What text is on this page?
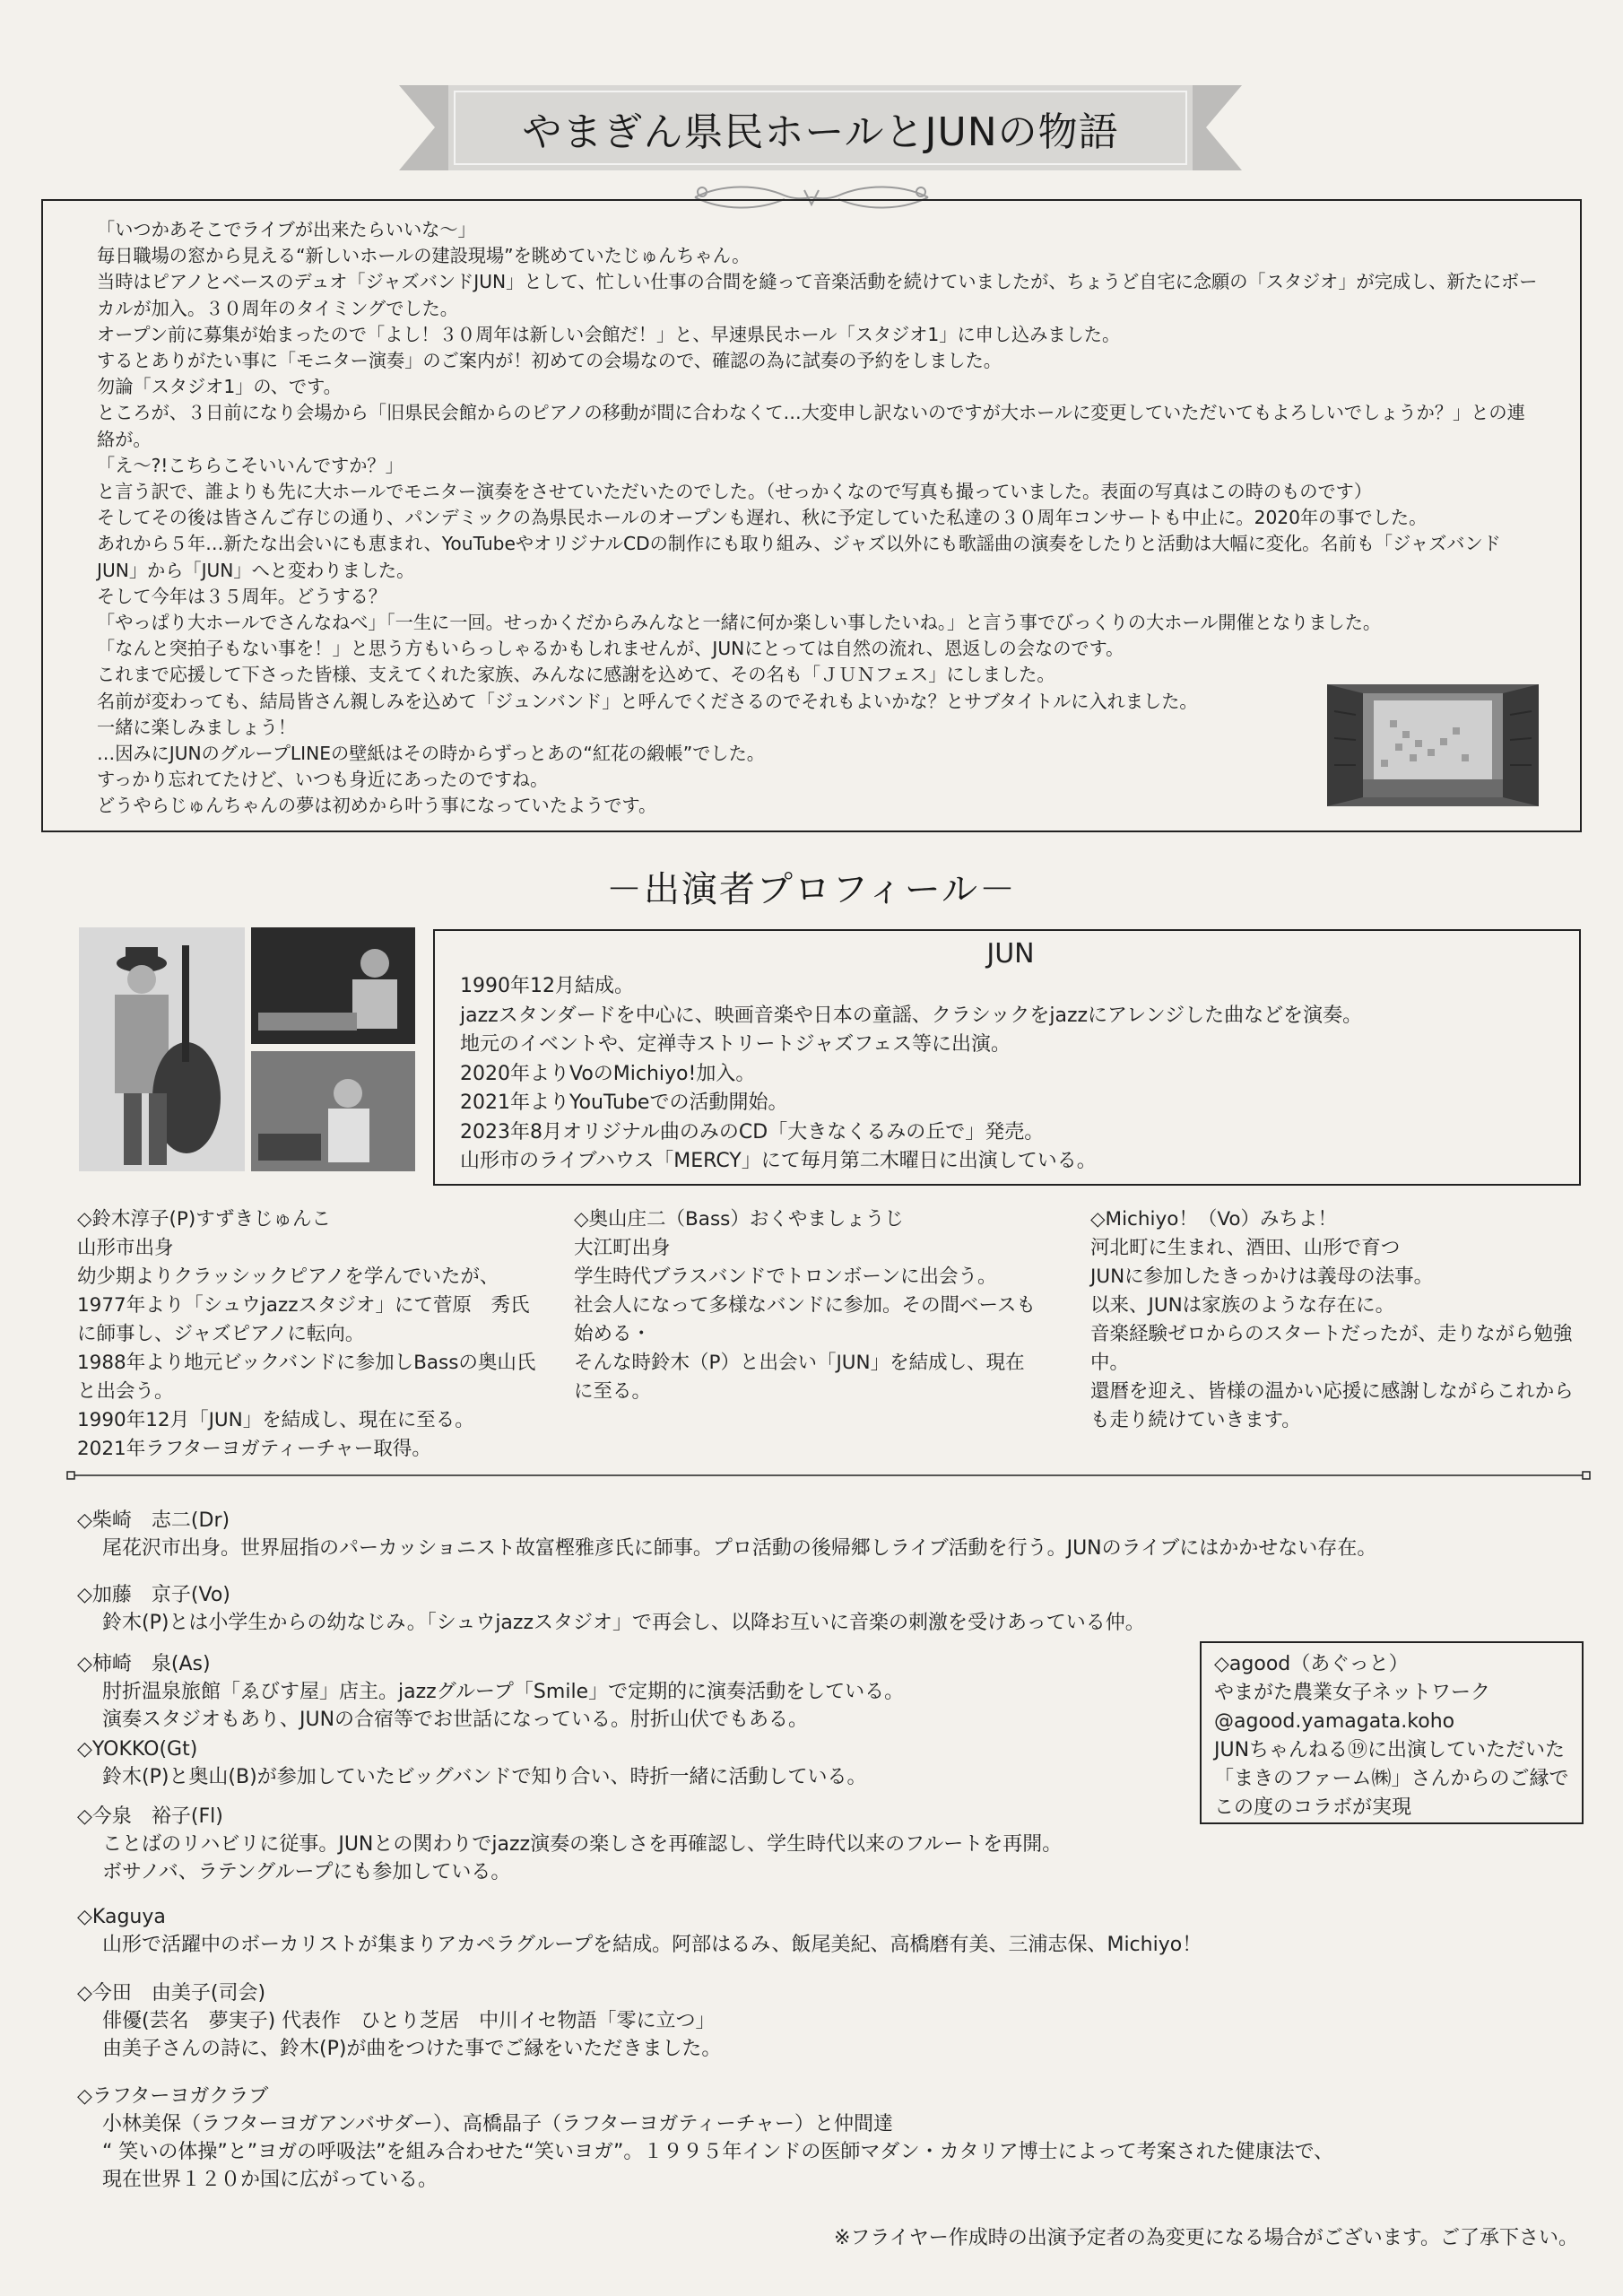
やまぎん県民ホールとJUNの物語

「いつかあそこでライブが出来たらいいな〜」

毎日職場の窓から見える“新しいホールの建設現場”を眺めていたじゅんちゃん。

当時はピアノとベースのデュオ「ジャズバンドJUN」として、忙しい仕事の合間を縫って音楽活動を続けていましたが、ちょうど自宅に念願の「スタジオ」が完成し、新たにボーカルが加入。３０周年のタイミングでした。

オープン前に募集が始まったので「よし！３０周年は新しい会館だ！」と、早速県民ホール「スタジオ1」に申し込みました。

するとありがたい事に「モニター演奏」のご案内が！初めての会場なので、確認の為に試奏の予約をしました。

勿論「スタジオ1」の、です。

ところが、３日前になり会場から「旧県民会館からのピアノの移動が間に合わなくて…大変申し訳ないのですが大ホールに変更していただいてもよろしいでしょうか？」との連絡が。

「え〜?!こちらこそいいんですか？」

と言う訳で、誰よりも先に大ホールでモニター演奏をさせていただいたのでした。（せっかくなので写真も撮っていました。表面の写真はこの時のものです）

そしてその後は皆さんご存じの通り、パンデミックの為県民ホールのオープンも遅れ、秋に予定していた私達の３０周年コンサートも中止に。2020年の事でした。

あれから５年…新たな出会いにも恵まれ、YouTubeやオリジナルCDの制作にも取り組み、ジャズ以外にも歌謡曲の演奏をしたりと活動は大幅に変化。名前も「ジャズバンドJUN」から「JUN」へと変わりました。

そして今年は３５周年。どうする？

「やっぱり大ホールでさんなねべ」「一生に一回。せっかくだからみんなと一緒に何か楽しい事したいね。」と言う事でびっくりの大ホール開催となりました。

「なんと突拍子もない事を！」と思う方もいらっしゃるかもしれませんが、JUNにとっては自然の流れ、恩返しの会なのです。

これまで応援して下さった皆様、支えてくれた家族、みんなに感謝を込めて、その名も「ＪＵＮフェス」にしました。

名前が変わっても、結局皆さん親しみを込めて「ジュンバンド」と呼んでくださるのでそれもよいかな？とサブタイトルに入れました。

一緒に楽しみましょう！

…因みにJUNのグループLINEの壁紙はその時からずっとあの“紅花の緞帳”でした。

すっかり忘れてたけど、いつも身近にあったのですね。

どうやらじゅんちゃんの夢は初めから叶う事になっていたようです。

－出演者プロフィール－
JUN

1990年12月結成。

jazzスタンダードを中心に、映画音楽や日本の童謡、クラシックをjazzにアレンジした曲などを演奏。

地元のイベントや、定禅寺ストリートジャズフェス等に出演。

2020年よりVoのMichiyo!加入。

2021年よりYouTubeでの活動開始。

2023年8月オリジナル曲のみのCD「大きなくるみの丘で」発売。

山形市のライブハウス「MERCY」にて毎月第二木曜日に出演している。

◇鈴木淳子(P)すずきじゅんこ

山形市出身

幼少期よりクラッシックピアノを学んでいたが、1977年より「シュウjazzスタジオ」にて菅原　秀氏に師事し、ジャズピアノに転向。

1988年より地元ビックバンドに参加しBassの奥山氏と出会う。

1990年12月「JUN」を結成し、現在に至る。

2021年ラフターヨガティーチャー取得。

◇奥山庄二（Bass）おくやましょうじ

大江町出身

学生時代ブラスバンドでトロンボーンに出会う。

社会人になって多様なバンドに参加。その間ベースも始める・

そんな時鈴木（P）と出会い「JUN」を結成し、現在に至る。

◇Michiyo！（Vo）みちよ！

河北町に生まれ、酒田、山形で育つ

JUNに参加したきっかけは義母の法事。

以来、JUNは家族のような存在に。

音楽経験ゼロからのスタートだったが、走りながら勉強中。

還暦を迎え、皆様の温かい応援に感謝しながらこれからも走り続けていきます。

◇柴崎　志二(Dr)

尾花沢市出身。世界屈指のパーカッショニスト故富樫雅彦氏に師事。プロ活動の後帰郷しライブ活動を行う。JUNのライブにはかかせない存在。

◇加藤　京子(Vo)

鈴木(P)とは小学生からの幼なじみ。「シュウjazzスタジオ」で再会し、以降お互いに音楽の刺激を受けあっている仲。

◇柿崎　泉(As)

肘折温泉旅館「ゑびす屋」店主。jazzグループ「Smile」で定期的に演奏活動をしている。

演奏スタジオもあり、JUNの合宿等でお世話になっている。肘折山伏でもある。

◇YOKKO(Gt)

鈴木(P)と奥山(B)が参加していたビッグバンドで知り合い、時折一緒に活動している。

◇今泉　裕子(Fl)

ことばのリハビリに従事。JUNとの関わりでjazz演奏の楽しさを再確認し、学生時代以来のフルートを再開。

ボサノバ、ラテングループにも参加している。

◇Kaguya

山形で活躍中のボーカリストが集まりアカペラグループを結成。阿部はるみ、飯尾美紀、高橋磨有美、三浦志保、Michiyo！

◇今田　由美子(司会)

俳優(芸名　夢実子) 代表作　ひとり芝居　中川イセ物語「零に立つ」

由美子さんの詩に、鈴木(P)が曲をつけた事でご縁をいただきました。

◇ラフターヨガクラブ

小林美保（ラフターヨガアンバサダー）、高橋晶子（ラフターヨガティーチャー）と仲間達

“ 笑いの体操”と”ヨガの呼吸法”を組み合わせた“笑いヨガ”。１９９５年インドの医師マダン・カタリア博士によって考案された健康法で、

現在世界１２０か国に広がっている。

◇agood（あぐっと）

やまがた農業女子ネットワーク

@agood.yamagata.koho

JUNちゃんねる⑲に出演していただいた「まきのファーム㈱」さんからのご縁でこの度のコラボが実現

※フライヤー作成時の出演予定者の為変更になる場合がございます。ご了承下さい。
